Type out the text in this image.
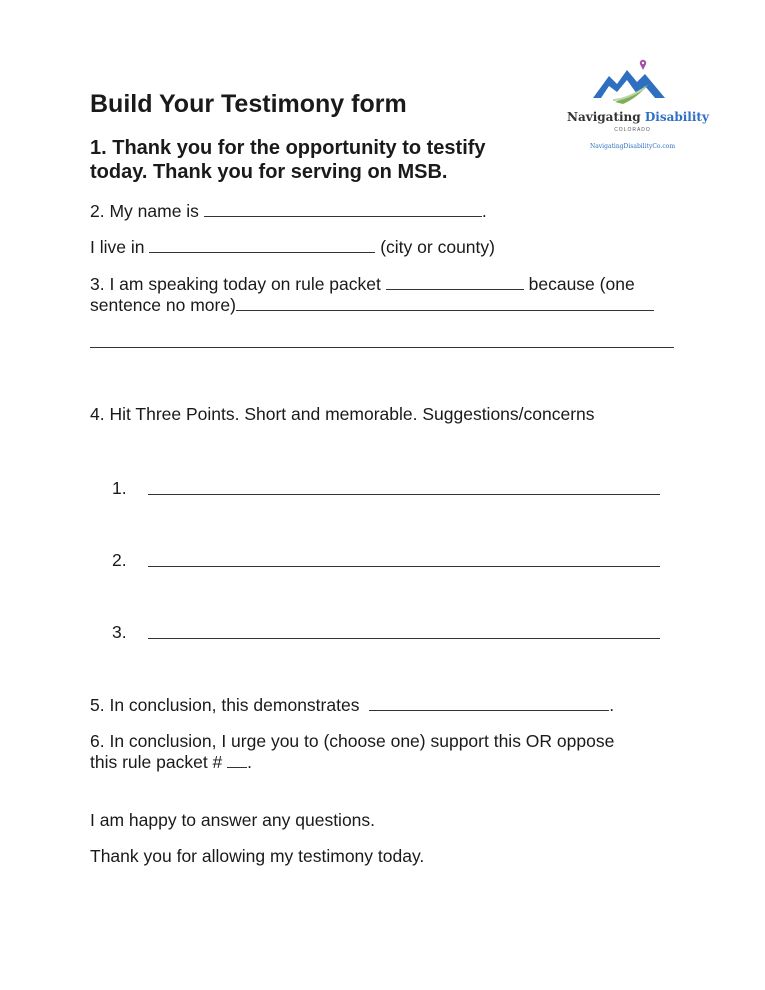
Navigating Disability
COLORADO
NavigatingDisabilityCo.com
Build Your Testimony form
1. Thank you for the opportunity to testify
today. Thank you for serving on MSB.
2. My name is	.
I live in	(city or county)
3. I am speaking today on rule packet	because (one
sentence no more)
4. Hit Three Points. Short and memorable. Suggestions/concerns
1.
2.
3.
5. In conclusion, this demonstrates	.
6. In conclusion, I urge you to (choose one) support this OR oppose
this rule packet # .
I am happy to answer any questions.
Thank you for allowing my testimony today.
